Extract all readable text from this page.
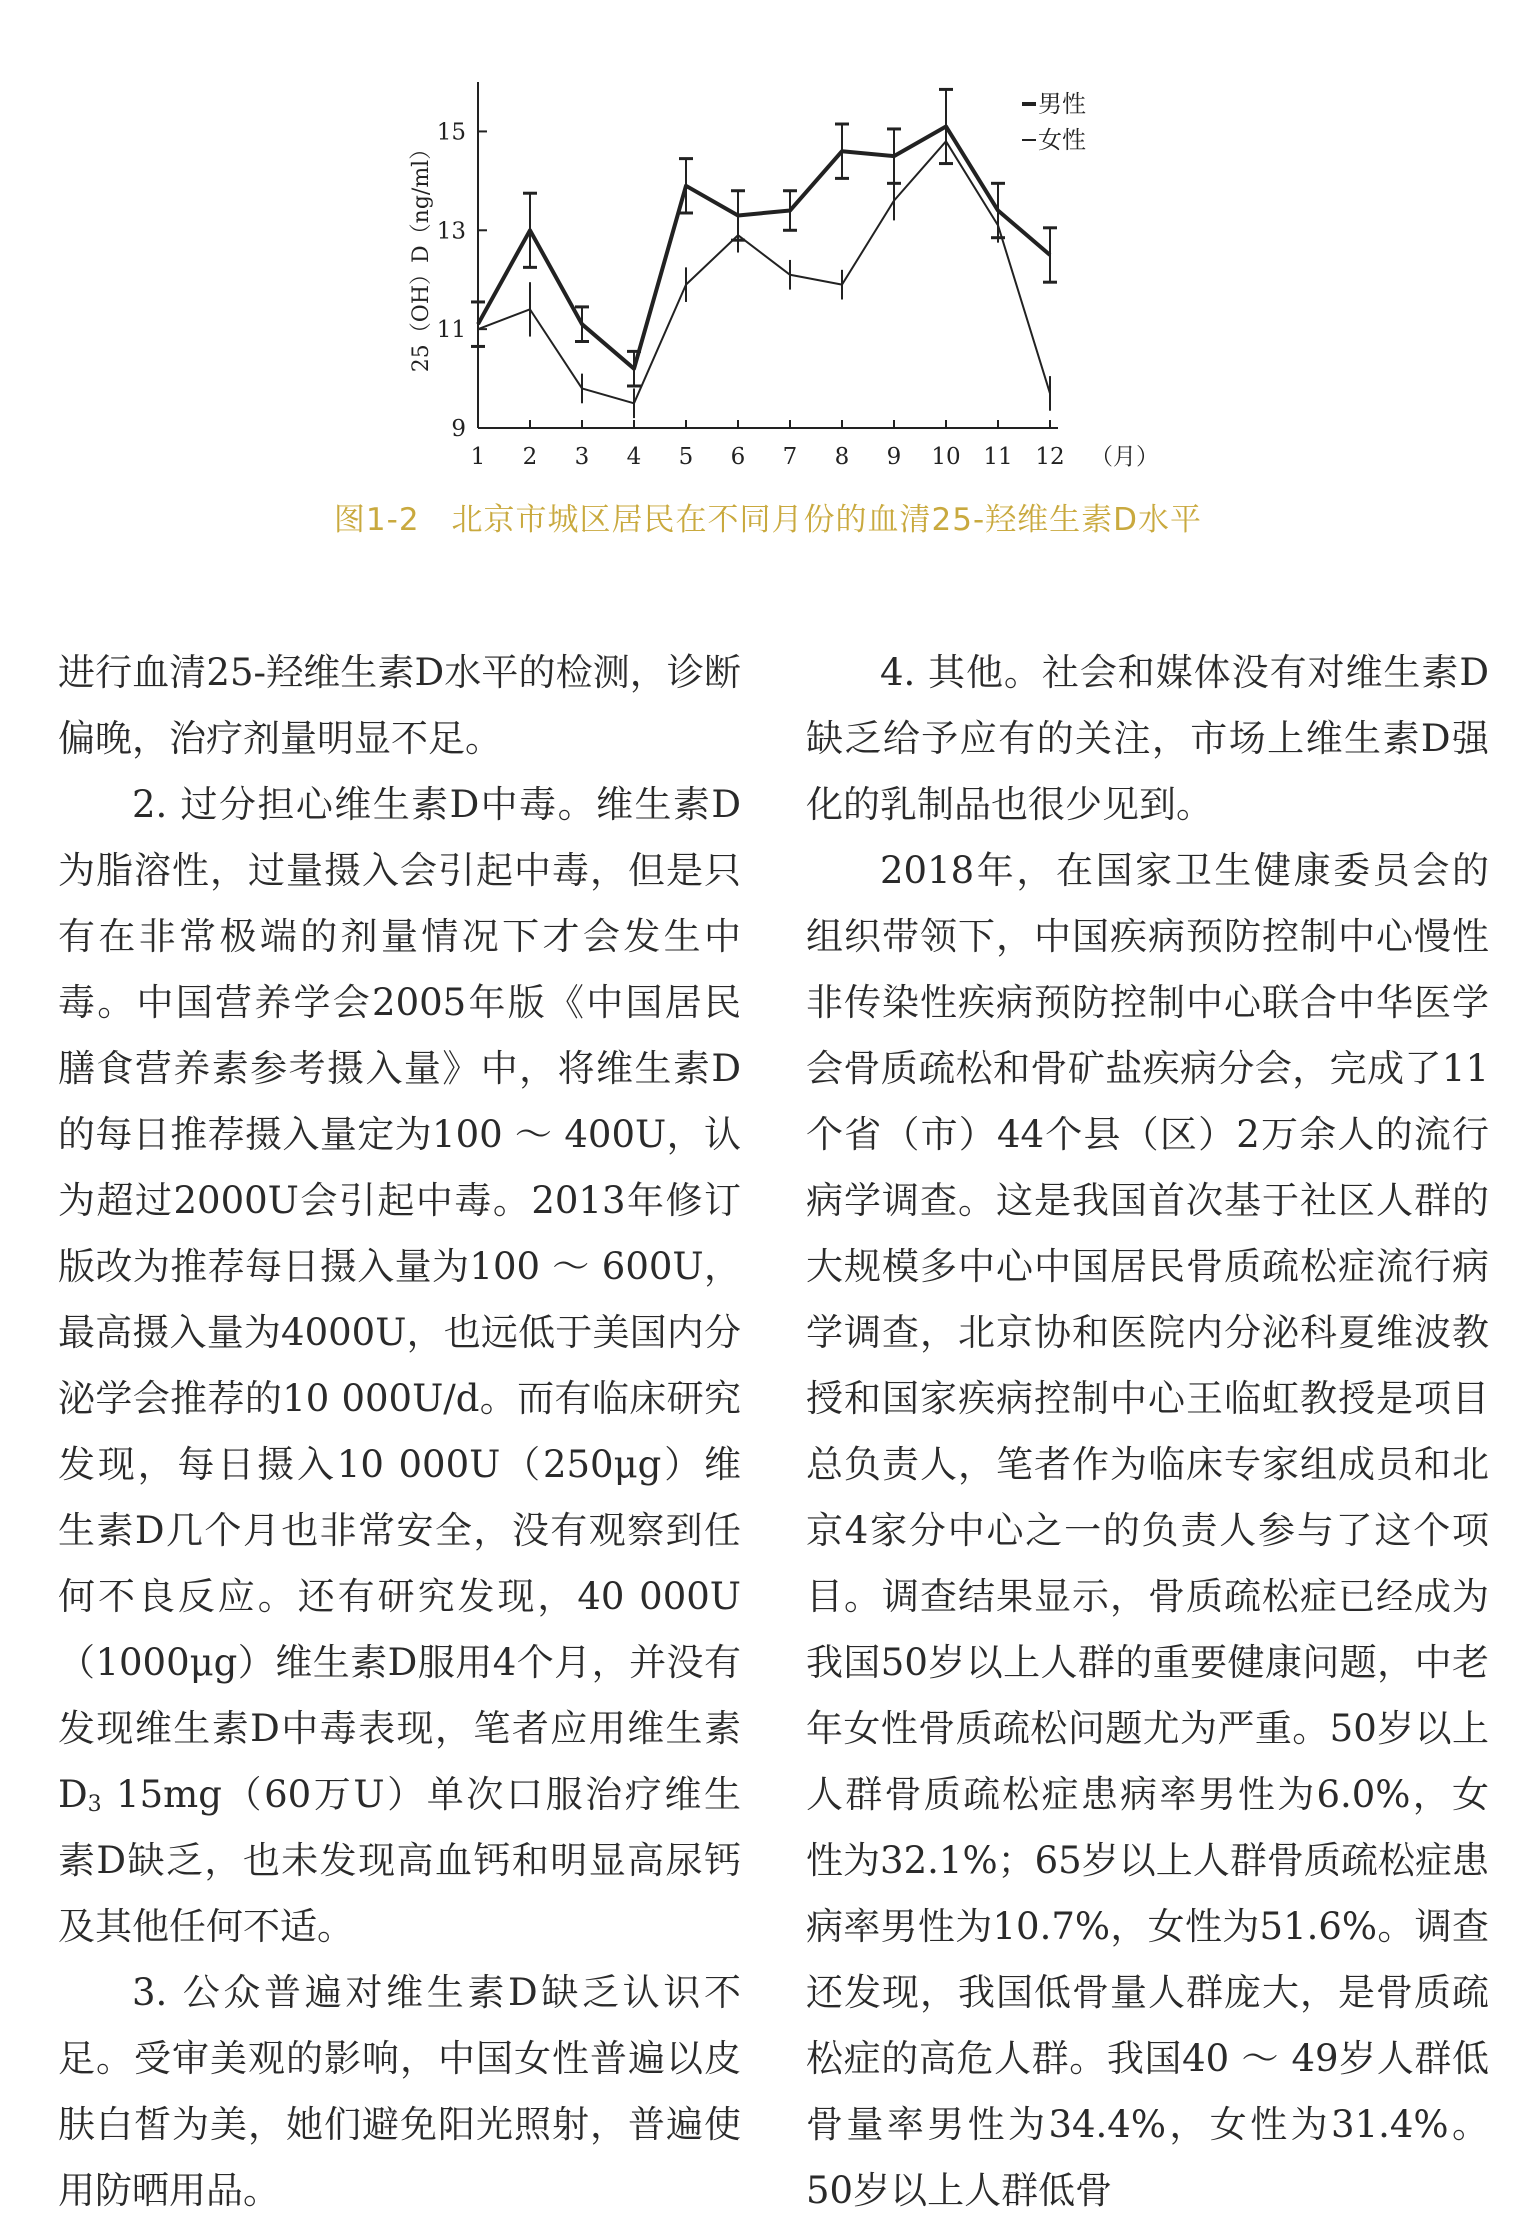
9
11
13
15
1 2 3 4 5 6 7 8 9 10 11 12 （月）
25（OH）D（ng/ml）
男性
女性
图1-2　北京市城区居民在不同月份的血清25-羟维生素D水平

进行血清25-羟维生素D水平的检测，诊断偏晚，治疗剂量明显不足。

2. 过分担心维生素D中毒。维生素D为脂溶性，过量摄入会引起中毒，但是只有在非常极端的剂量情况下才会发生中毒。中国营养学会2005年版《中国居民膳食营养素参考摄入量》中，将维生素D的每日推荐摄入量定为100 ～ 400U，认为超过2000U会引起中毒。2013年修订版改为推荐每日摄入量为100 ～ 600U，最高摄入量为4000U，也远低于美国内分泌学会推荐的10 000U/d。而有临床研究发现，每日摄入10 000U（250μg）维生素D几个月也非常安全，没有观察到任何不良反应。还有研究发现，40 000U（1000μg）维生素D服用4个月，并没有发现维生素D中毒表现，笔者应用维生素$D_3$ 15mg（60万U）单次口服治疗维生素D缺乏，也未发现高血钙和明显高尿钙及其他任何不适。

3. 公众普遍对维生素D缺乏认识不足。受审美观的影响，中国女性普遍以皮肤白皙为美，她们避免阳光照射，普遍使用防晒用品。

4. 其他。社会和媒体没有对维生素D缺乏给予应有的关注，市场上维生素D强化的乳制品也很少见到。

2018年，在国家卫生健康委员会的组织带领下，中国疾病预防控制中心慢性非传染性疾病预防控制中心联合中华医学会骨质疏松和骨矿盐疾病分会，完成了11个省（市）44个县（区）2万余人的流行病学调查。这是我国首次基于社区人群的大规模多中心中国居民骨质疏松症流行病学调查，北京协和医院内分泌科夏维波教授和国家疾病控制中心王临虹教授是项目总负责人，笔者作为临床专家组成员和北京4家分中心之一的负责人参与了这个项目。调查结果显示，骨质疏松症已经成为我国50岁以上人群的重要健康问题，中老年女性骨质疏松问题尤为严重。50岁以上人群骨质疏松症患病率男性为6.0%，女性为32.1%；65岁以上人群骨质疏松症患病率男性为10.7%，女性为51.6%。调查还发现，我国低骨量人群庞大，是骨质疏松症的高危人群。我国40 ～ 49岁人群低骨量率男性为34.4%，女性为31.4%。50岁以上人群低骨
